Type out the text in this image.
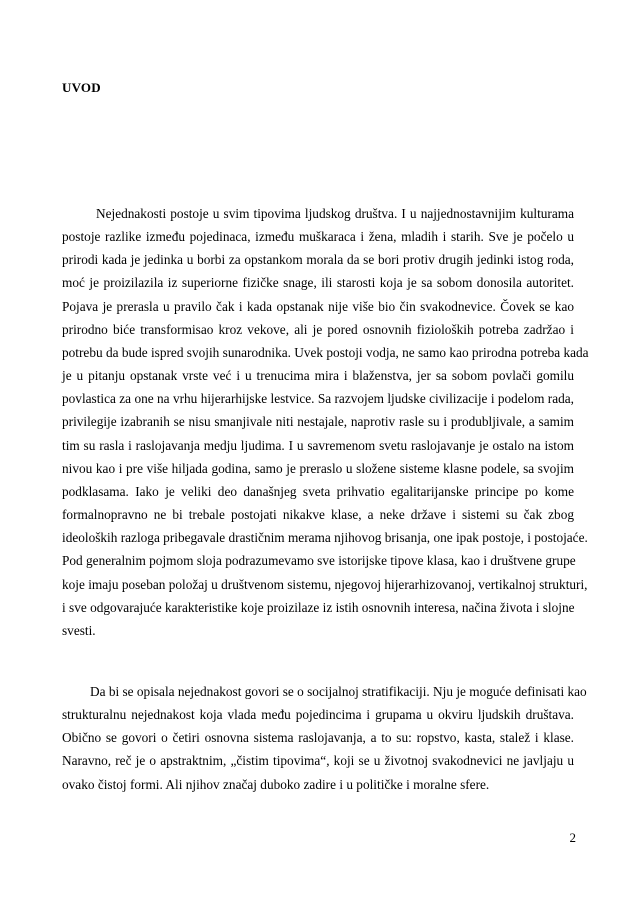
UVOD
Nejednakosti postoje u svim tipovima ljudskog društva. I u najjednostavnijim kulturama
postoje razlike između pojedinaca, između muškaraca i žena, mladih i starih. Sve je počelo u
prirodi kada je jedinka u borbi za opstankom morala da se bori protiv drugih jedinki istog roda,
moć je proizilazila iz superiorne fizičke snage, ili starosti koja je sa sobom donosila autoritet.
Pojava je prerasla u pravilo čak i kada opstanak nije više bio čin svakodnevice. Čovek se kao
prirodno biće transformisao kroz vekove, ali je pored osnovnih fizioloških potreba zadržao i
potrebu da bude ispred svojih sunarodnika. Uvek postoji vodja, ne samo kao prirodna potreba kada
je u pitanju opstanak vrste već i u trenucima mira i blaženstva, jer sa sobom povlači gomilu
povlastica za one na vrhu hijerarhijske lestvice. Sa razvojem ljudske civilizacije i podelom rada,
privilegije izabranih se nisu smanjivale niti nestajale, naprotiv rasle su i produbljivale, a samim
tim su rasla i raslojavanja medju ljudima. I u savremenom svetu raslojavanje je ostalo na istom
nivou kao i pre više hiljada godina, samo je preraslo u složene sisteme klasne podele, sa svojim
podklasama. Iako je veliki deo današnjeg sveta prihvatio egalitarijanske principe po kome
formalnopravno ne bi trebale postojati nikakve klase, a neke države i sistemi su čak zbog
ideoloških razloga pribegavale drastičnim merama njihovog brisanja, one ipak postoje, i postojaće.
Pod generalnim pojmom sloja podrazumevamo sve istorijske tipove klasa, kao i društvene grupe
koje imaju poseban položaj u društvenom sistemu, njegovoj hijerarhizovanoj, vertikalnoj strukturi,
i sve odgovarajuće karakteristike koje proizilaze iz istih osnovnih interesa, načina života i slojne
svesti.
Da bi se opisala nejednakost govori se o socijalnoj stratifikaciji. Nju je moguće definisati kao
strukturalnu nejednakost koja vlada među pojedincima i grupama u okviru ljudskih društava.
Obično se govori o četiri osnovna sistema raslojavanja, a to su: ropstvo, kasta, stalež i klase.
Naravno, reč je o apstraktnim, „čistim tipovima“, koji se u životnoj svakodnevici ne javljaju u
ovako čistoj formi. Ali njihov značaj duboko zadire i u političke i moralne sfere.
2
